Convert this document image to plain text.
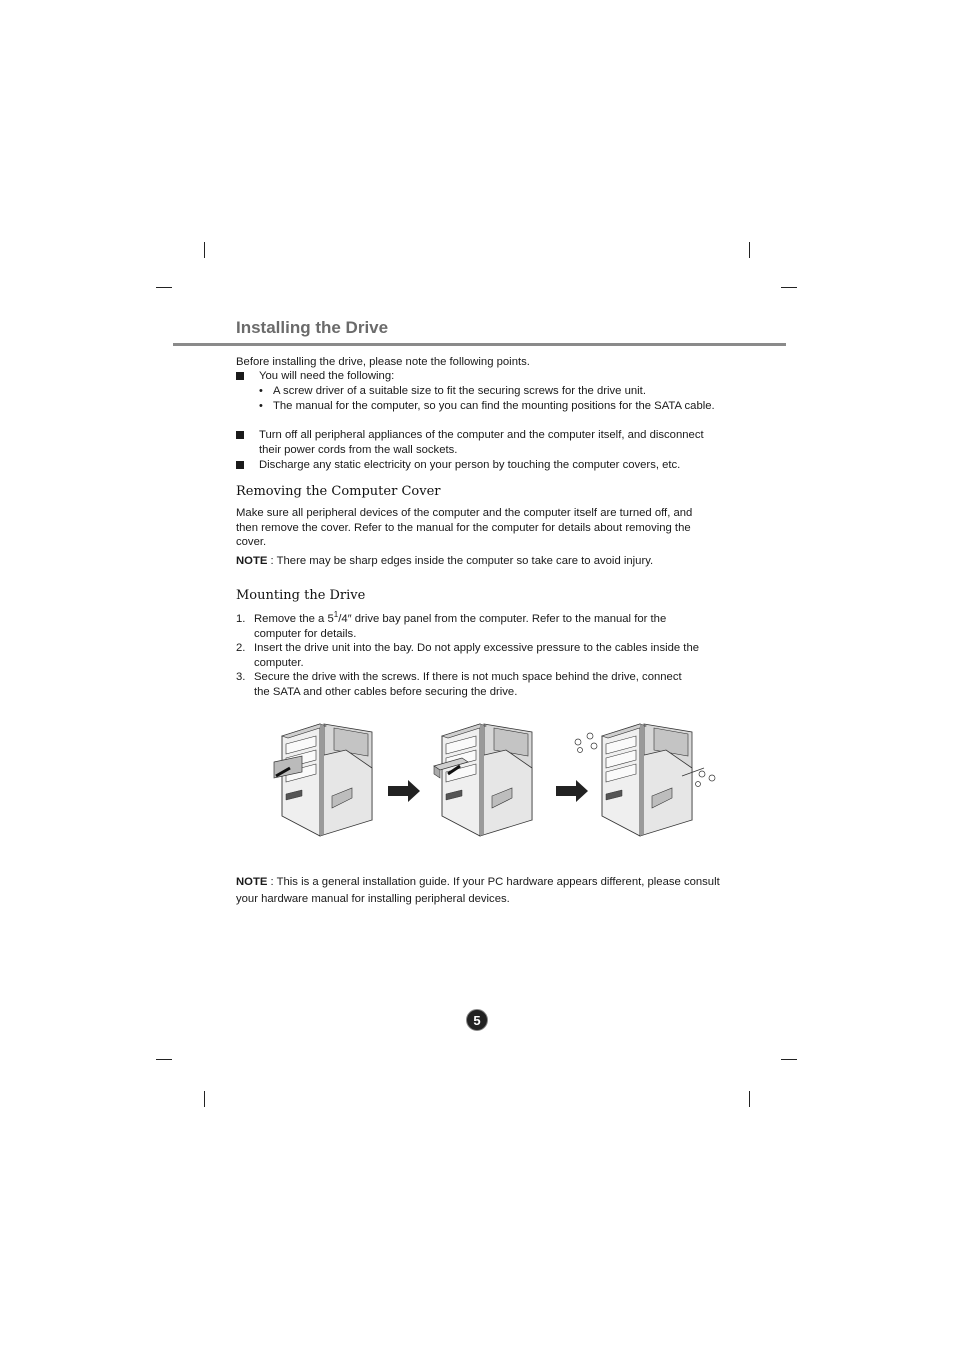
Installing the Drive
Before installing the drive, please note the following points.
You will need the following:
• A screw driver of a suitable size to fit the securing screws for the drive unit.
• The manual for the computer, so you can find the mounting positions for the SATA cable.
Turn off all peripheral appliances of the computer and the computer itself, and disconnect their power cords from the wall sockets.
Discharge any static electricity on your person by touching the computer covers, etc.
Removing the Computer Cover
Make sure all peripheral devices of the computer and the computer itself are turned off, and then remove the cover. Refer to the manual for the computer for details about removing the cover.
NOTE : There may be sharp edges inside the computer so take care to avoid injury.
Mounting the Drive
1. Remove the a $5^1/4''$ drive bay panel from the computer. Refer to the manual for the computer for details.
2. Insert the drive unit into the bay. Do not apply excessive pressure to the cables inside the computer.
3. Secure the drive with the screws. If there is not much space behind the drive, connect the SATA and other cables before securing the drive.
NOTE : This is a general installation guide. If your PC hardware appears different, please consult your hardware manual for installing peripheral devices.
5
